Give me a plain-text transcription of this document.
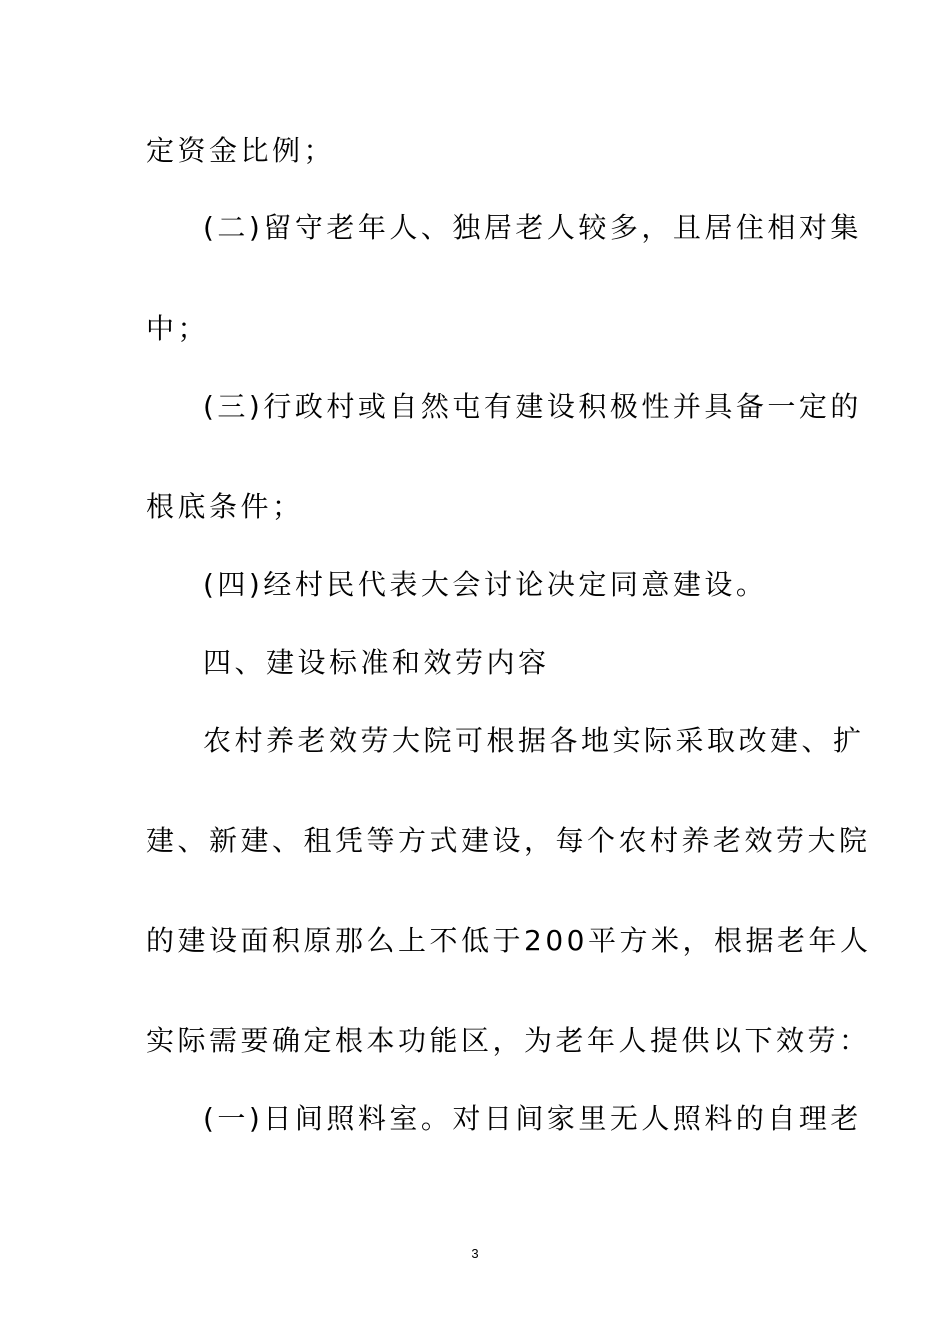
定资金比例；
(二)留守老年人、独居老人较多，且居住相对集
中；
(三)行政村或自然屯有建设积极性并具备一定的
根底条件；
(四)经村民代表大会讨论决定同意建设。
四、建设标准和效劳内容
农村养老效劳大院可根据各地实际采取改建、扩
建、新建、租凭等方式建设，每个农村养老效劳大院
的建设面积原那么上不低于200平方米，根据老年人
实际需要确定根本功能区，为老年人提供以下效劳：
(一)日间照料室。对日间家里无人照料的自理老
3
